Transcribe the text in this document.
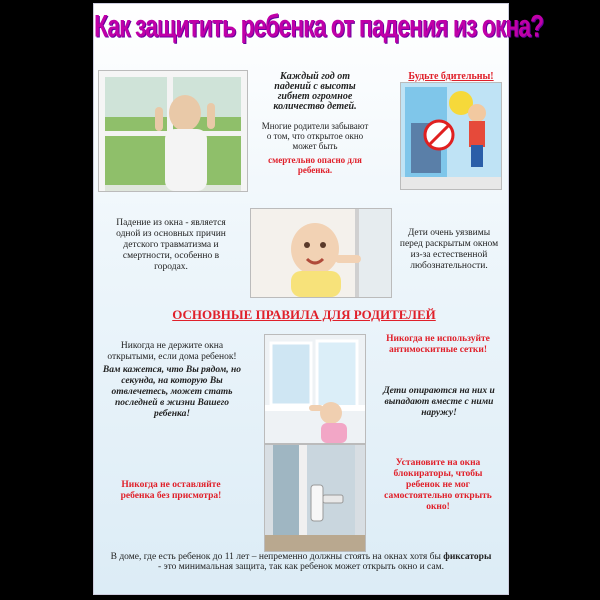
Как защитить ребенка от падения из окна?
Каждый год от падений с высоты гибнет огромное количество детей.
Многие родители забывают о том, что открытое окно может быть
смертельно опасно для ребенка.
Будьте бдительны!
Падение из окна - является одной из основных причин детского травматизма и смертности, особенно в городах.
Дети очень уязвимы перед раскрытым окном из-за естественной любознательности.
ОСНОВНЫЕ ПРАВИЛА ДЛЯ РОДИТЕЛЕЙ
Никогда не держите окна открытыми, если дома ребенок!
Вам кажется, что Вы рядом, но секунда, на которую Вы отвлечетесь, может стать последней в жизни Вашего ребенка!
Никогда не используйте антимоскитные сетки!
Дети опираются на них и выпадают вместе с ними наружу!
Никогда не оставляйте ребенка без присмотра!
Установите на окна блокираторы, чтобы ребенок не мог самостоятельно открыть окно!
В доме, где есть ребенок до 11 лет – непременно должны стоять на окнах хотя бы фиксаторы - это минимальная защита, так как ребенок может открыть окно и сам.
